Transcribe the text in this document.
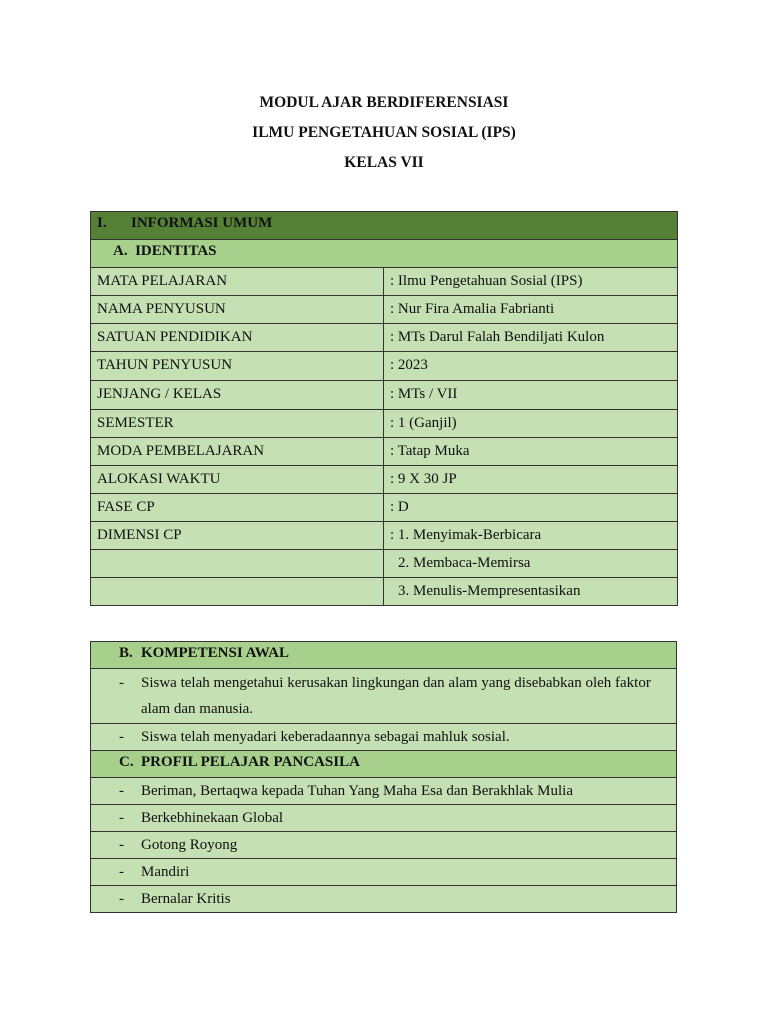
MODUL AJAR BERDIFERENSIASI
ILMU PENGETAHUAN SOSIAL (IPS)
KELAS VII
I. INFORMASI UMUM	
A. IDENTITAS	
MATA PELAJARAN	: Ilmu Pengetahuan Sosial (IPS)
NAMA PENYUSUN	: Nur Fira Amalia Fabrianti
SATUAN PENDIDIKAN	: MTs Darul Falah Bendiljati Kulon
TAHUN PENYUSUN	: 2023
JENJANG / KELAS	: MTs / VII
SEMESTER	: 1 (Ganjil)
MODA PEMBELAJARAN	: Tatap Muka
ALOKASI WAKTU	: 9 X 30 JP
FASE CP	: D
DIMENSI CP	: 1. Menyimak-Berbicara
	2. Membaca-Memirsa
	3. Menulis-Mempresentasikan
B. KOMPETENSI AWAL
- Siswa telah mengetahui kerusakan lingkungan dan alam yang disebabkan oleh faktor alam dan manusia.
- Siswa telah menyadari keberadaannya sebagai mahluk sosial.
C. PROFIL PELAJAR PANCASILA
- Beriman, Bertaqwa kepada Tuhan Yang Maha Esa dan Berakhlak Mulia
- Berkebhinekaan Global
- Gotong Royong
- Mandiri
- Bernalar Kritis
